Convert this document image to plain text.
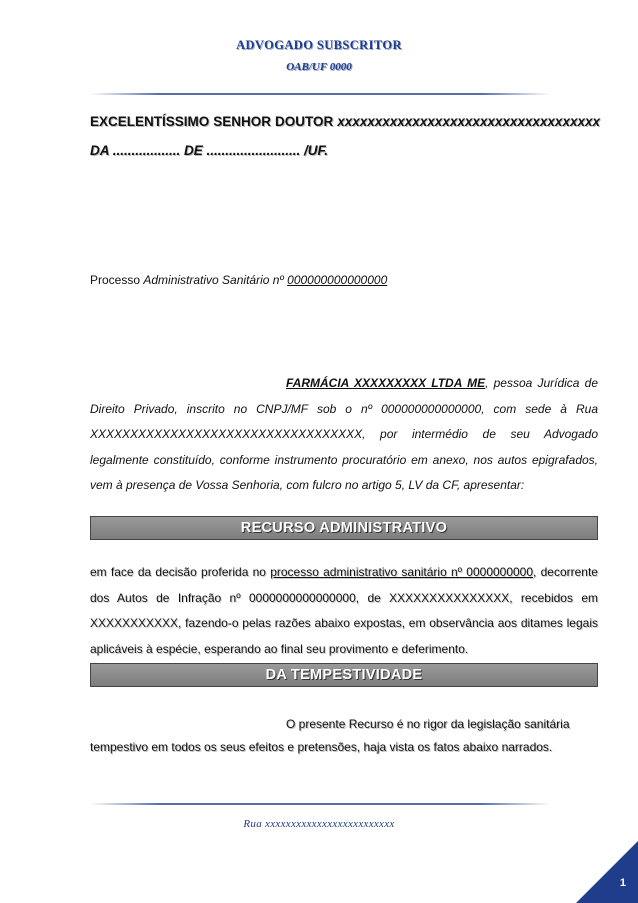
ADVOGADO SUBSCRITOR
OAB/UF 0000
EXCELENTÍSSIMO SENHOR DOUTOR xxxxxxxxxxxxxxxxxxxxxxxxxxxxxxxxxxx
DA .................. DE ......................... /UF.
Processo Administrativo Sanitário nº 000000000000000
FARMÁCIA XXXXXXXXX LTDA ME, pessoa Jurídica de Direito Privado, inscrito no CNPJ/MF sob o nº 000000000000000, com sede à Rua XXXXXXXXXXXXXXXXXXXXXXXXXXXXXXXXXX, por intermédio de seu Advogado legalmente constituído, conforme instrumento procuratório em anexo, nos autos epigrafados, vem à presença de Vossa Senhoria, com fulcro no artigo 5, LV da CF, apresentar:
RECURSO ADMINISTRATIVO
em face da decisão proferida no processo administrativo sanitário nº 0000000000, decorrente dos Autos de Infração nº 0000000000000000, de XXXXXXXXXXXXXXX, recebidos em XXXXXXXXXXX, fazendo-o pelas razões abaixo expostas, em observância aos ditames legais aplicáveis à espécie, esperando ao final seu provimento e deferimento.
DA TEMPESTIVIDADE
O presente Recurso é no rigor da legislação sanitária
tempestivo em todos os seus efeitos e pretensões, haja vista os fatos abaixo narrados.
Rua xxxxxxxxxxxxxxxxxxxxxxxxx
1
